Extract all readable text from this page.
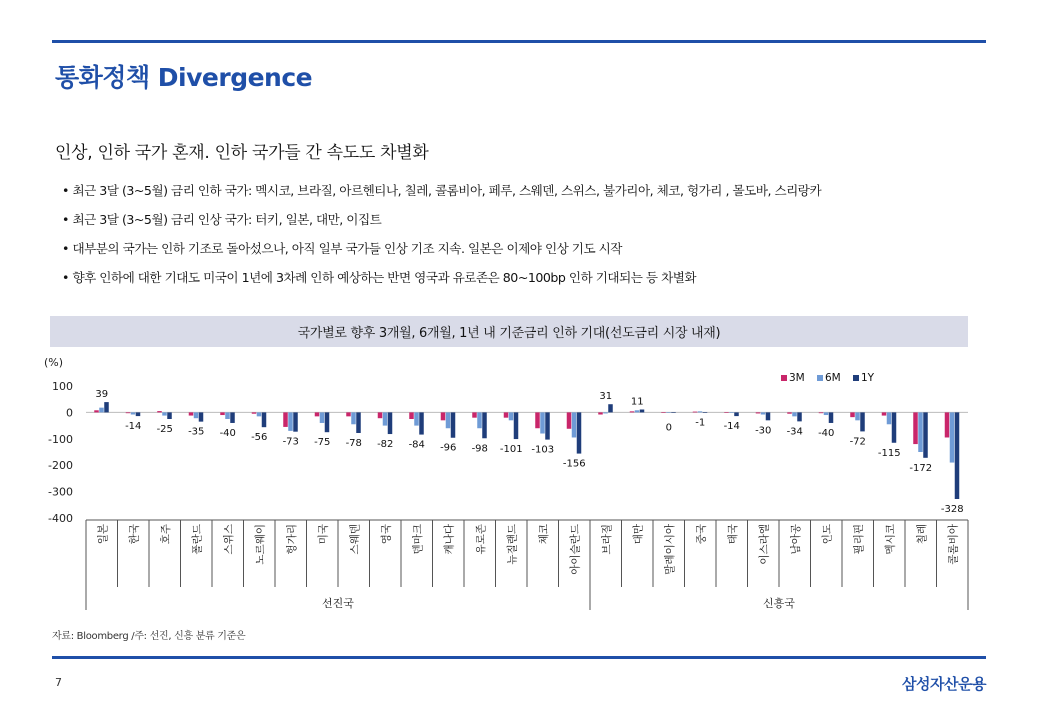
통화정책 Divergence
인상, 인하 국가 혼재. 인하 국가들 간 속도도 차별화
• 최근 3달 (3~5월) 금리 인하 국가: 멕시코, 브라질, 아르헨티나, 칠레, 콜롬비아, 페루, 스웨덴, 스위스, 불가리아, 체코, 헝가리 , 몰도바, 스리랑카
• 최근 3달 (3~5월) 금리 인상 국가: 터키, 일본, 대만, 이집트
• 대부분의 국가는 인하 기조로 돌아섰으나, 아직 일부 국가들 인상 기조 지속. 일본은 이제야 인상 기도 시작
• 향후 인하에 대한 기대도 미국이 1년에 3차례 인하 예상하는 반면 영국과 유로존은 80~100bp 인하 기대되는 등 차별화
국가별로 향후 3개월, 6개월, 1년 내 기준금리 인하 기대(선도금리 시장 내재)
(%)
100
0
-100
-200
-300
-400
39
-14 -25 -35 -40 -56 -73 -75 -78 -82 -84 -96 -98 -101 -103
-156
31 11
0 -1 -14 -30 -34 -40
-72
-115
-172
-328
일본 한국 호주 폴란드 스위스 노르웨이 헝가리 미국 스웨덴 영국 덴마크 캐나다 유로존 뉴질랜드 체코 아이슬란드 브라질 대만 말레이시아 중국 태국 이스라엘 남아공 인도 필리핀 멕시코 칠레 콜롬비아
선진국	신흥국
3M 6M 1Y
자료: Bloomberg /주: 선진, 신흥 분류 기준은
7	삼성자산운용
